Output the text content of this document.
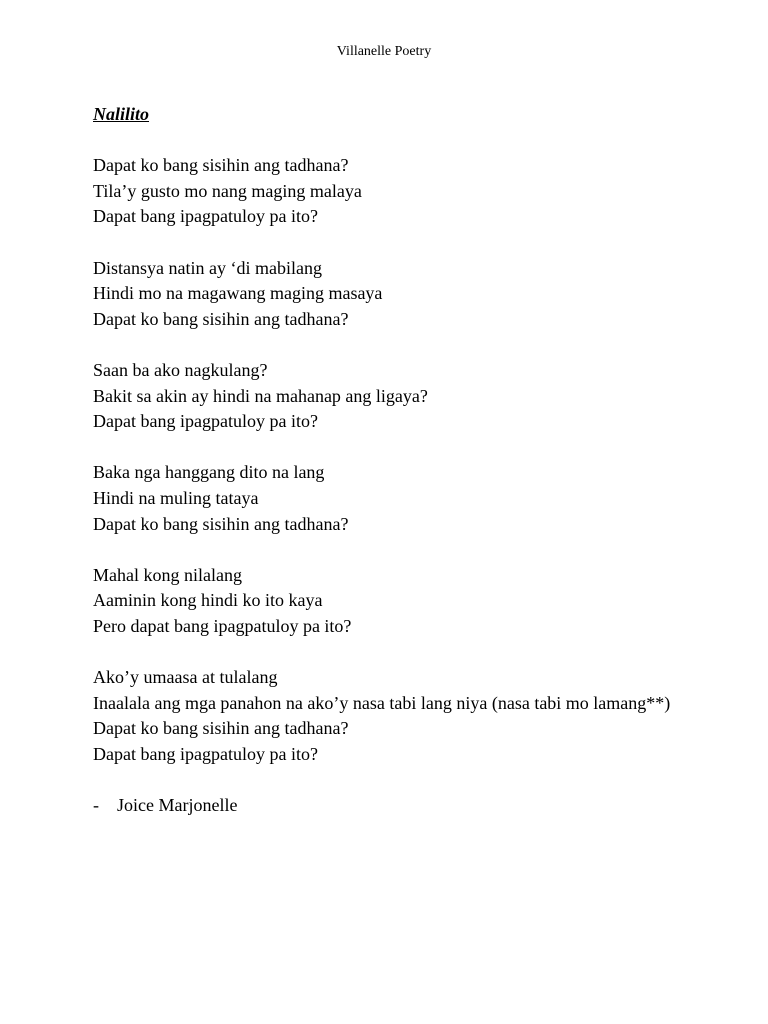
Villanelle Poetry
Nalilito
Dapat ko bang sisihin ang tadhana?
Tila’y gusto mo nang maging malaya
Dapat bang ipagpatuloy pa ito?
Distansya natin ay ‘di mabilang
Hindi mo na magawang maging masaya
Dapat ko bang sisihin ang tadhana?
Saan ba ako nagkulang?
Bakit sa akin ay hindi na mahanap ang ligaya?
Dapat bang ipagpatuloy pa ito?
Baka nga hanggang dito na lang
Hindi na muling tataya
Dapat ko bang sisihin ang tadhana?
Mahal kong nilalang
Aaminin kong hindi ko ito kaya
Pero dapat bang ipagpatuloy pa ito?
Ako’y umaasa at tulalang
Inaalala ang mga panahon na ako’y nasa tabi lang niya (nasa tabi mo lamang**)
Dapat ko bang sisihin ang tadhana?
Dapat bang ipagpatuloy pa ito?
-	Joice Marjonelle
